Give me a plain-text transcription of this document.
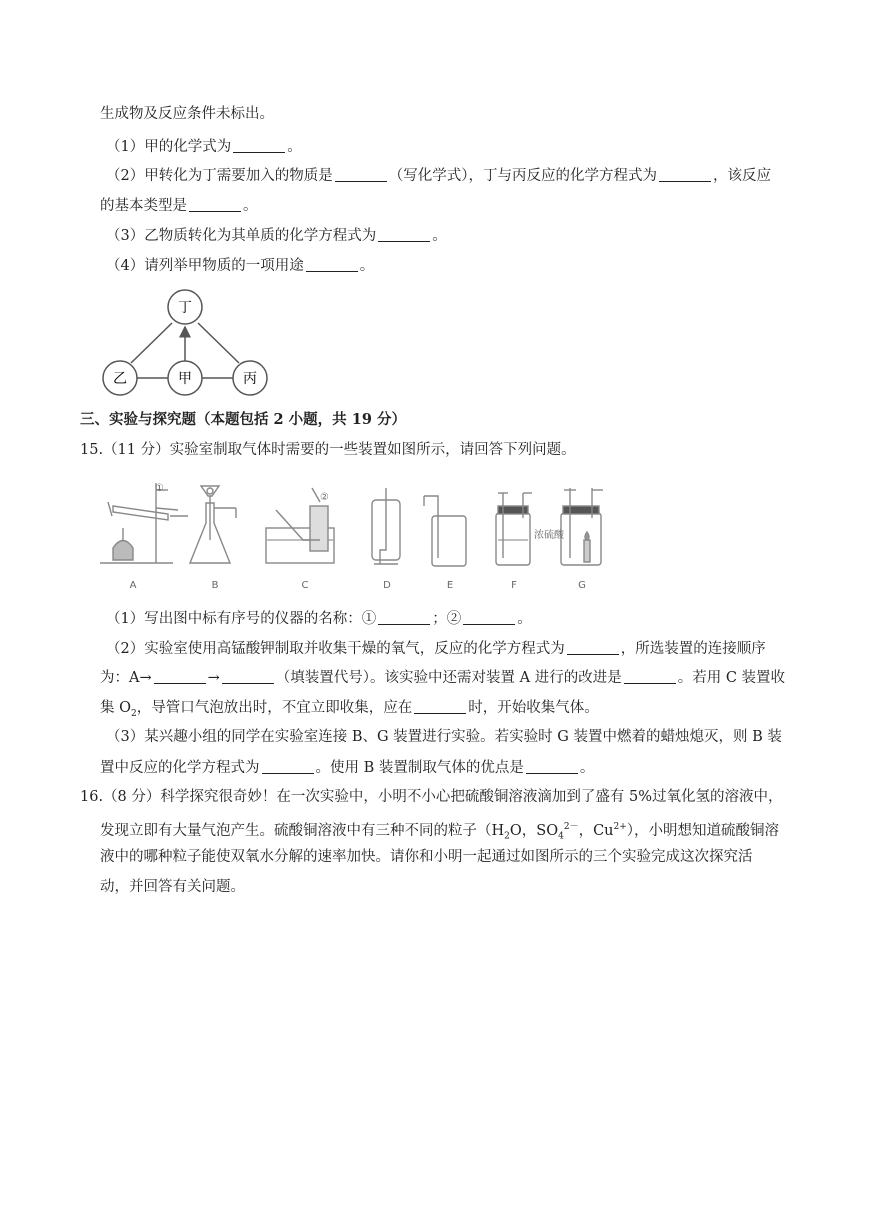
生成物及反应条件未标出。
（1）甲的化学式为	。
（2）甲转化为丁需要加入的物质是	（写化学式），丁与丙反应的化学方程式为	，该反应
的基本类型是	。
（3）乙物质转化为其单质的化学方程式为	。
（4）请列举甲物质的一项用途	。
丁
乙	甲	丙
三、实验与探究题（本题包括 2 小题，共 19 分）
15.（11 分）实验室制取气体时需要的一些装置如图所示，请回答下列问题。
①
②
浓硫酸
A	B	C	D	E	F	G
（1）写出图中标有序号的仪器的名称：①	；②	。
（2）实验室使用高锰酸钾制取并收集干燥的氧气，反应的化学方程式为	，所选装置的连接顺序
为：A→	→	（填装置代号）。该实验中还需对装置 A 进行的改进是	。若用 C 装置收
集 $O_2$，导管口气泡放出时，不宜立即收集，应在	时，开始收集气体。
（3）某兴趣小组的同学在实验室连接 B、G 装置进行实验。若实验时 G 装置中燃着的蜡烛熄灭，则 B 装
置中反应的化学方程式为	。使用 B 装置制取气体的优点是	。
16.（8 分）科学探究很奇妙！在一次实验中，小明不小心把硫酸铜溶液滴加到了盛有 5%过氧化氢的溶液中，
发现立即有大量气泡产生。硫酸铜溶液中有三种不同的粒子（$H_2O$，$SO_4^{2-}$，$Cu^{2+}$），小明想知道硫酸铜溶
液中的哪种粒子能使双氧水分解的速率加快。请你和小明一起通过如图所示的三个实验完成这次探究活
动，并回答有关问题。
